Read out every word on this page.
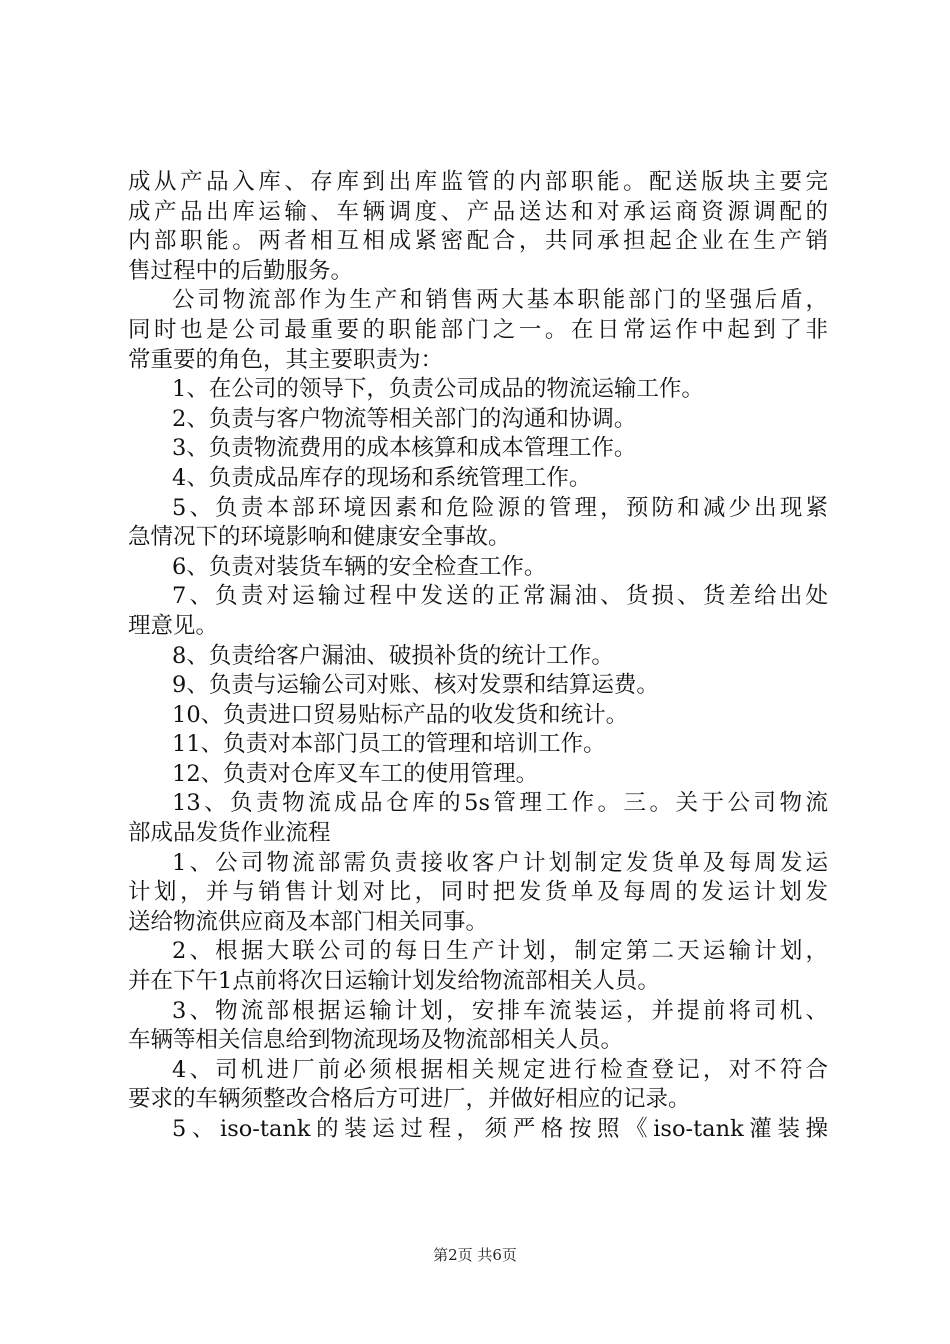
成从产品入库、存库到出库监管的内部职能。配送版块主要完
成产品出库运输、车辆调度、产品送达和对承运商资源调配的
内部职能。两者相互相成紧密配合，共同承担起企业在生产销
售过程中的后勤服务。
公司物流部作为生产和销售两大基本职能部门的坚强后盾，
同时也是公司最重要的职能部门之一。在日常运作中起到了非
常重要的角色，其主要职责为：
1、在公司的领导下，负责公司成品的物流运输工作。
2、负责与客户物流等相关部门的沟通和协调。
3、负责物流费用的成本核算和成本管理工作。
4、负责成品库存的现场和系统管理工作。
5、负责本部环境因素和危险源的管理，预防和减少出现紧
急情况下的环境影响和健康安全事故。
6、负责对装货车辆的安全检查工作。
7、负责对运输过程中发送的正常漏油、货损、货差给出处
理意见。
8、负责给客户漏油、破损补货的统计工作。
9、负责与运输公司对账、核对发票和结算运费。
10、负责进口贸易贴标产品的收发货和统计。
11、负责对本部门员工的管理和培训工作。
12、负责对仓库叉车工的使用管理。
13、负责物流成品仓库的5s管理工作。三。关于公司物流
部成品发货作业流程
1、公司物流部需负责接收客户计划制定发货单及每周发运
计划，并与销售计划对比，同时把发货单及每周的发运计划发
送给物流供应商及本部门相关同事。
2、根据大联公司的每日生产计划，制定第二天运输计划，
并在下午1点前将次日运输计划发给物流部相关人员。
3、物流部根据运输计划，安排车流装运，并提前将司机、
车辆等相关信息给到物流现场及物流部相关人员。
4、司机进厂前必须根据相关规定进行检查登记，对不符合
要求的车辆须整改合格后方可进厂，并做好相应的记录。
5、iso-tank的装运过程，须严格按照《iso-tank灌装操
第2页 共6页
